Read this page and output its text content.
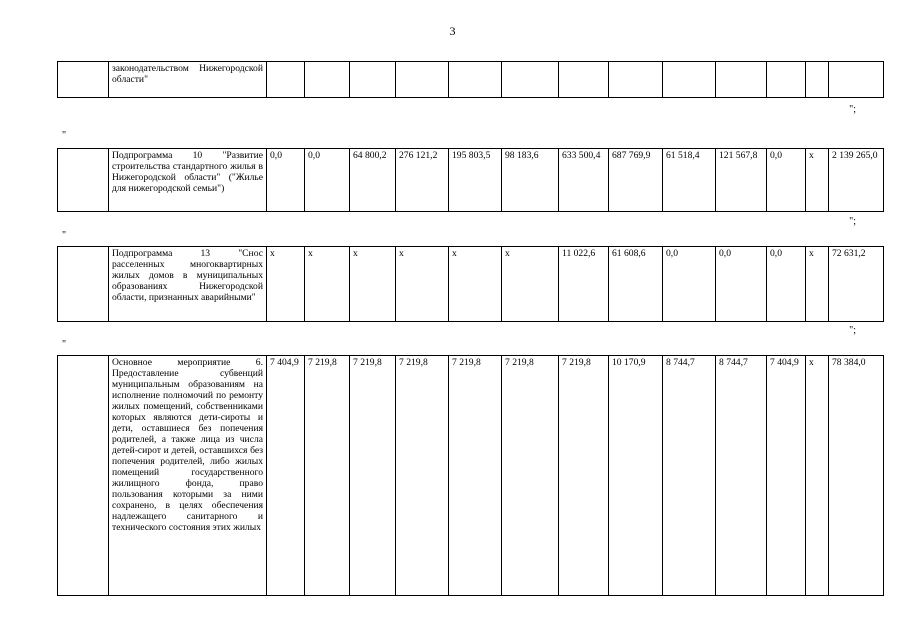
3
	законодательством Нижегородской области"													
";
"
	Подпрограмма 10 "Развитие строительства стандартного жилья в Нижегородской области" ("Жилье для нижегородской семьи")	0,0	0,0	64 800,2	276 121,2	195 803,5	98 183,6	633 500,4	687 769,9	61 518,4	121 567,8	0,0	х	2 139 265,0
";
"
	Подпрограмма 13 "Снос расселенных многоквартирных жилых домов в муниципальных образованиях Нижегородской области, признанных аварийными"	х	х	х	х	х	х	11 022,6	61 608,6	0,0	0,0	0,0	х	72 631,2
";
"
	Основное мероприятие 6. Предоставление субвенций муниципальным образованиям на исполнение полномочий по ремонту жилых помещений, собственниками которых являются дети-сироты и дети, оставшиеся без попечения родителей, а также лица из числа детей-сирот и детей, оставшихся без попечения родителей, либо жилых помещений государственного жилищного фонда, право пользования которыми за ними сохранено, в целях обеспечения надлежащего санитарного и технического состояния этих жилых	7 404,9	7 219,8	7 219,8	7 219,8	7 219,8	7 219,8	7 219,8	10 170,9	8 744,7	8 744,7	7 404,9	х	78 384,0
